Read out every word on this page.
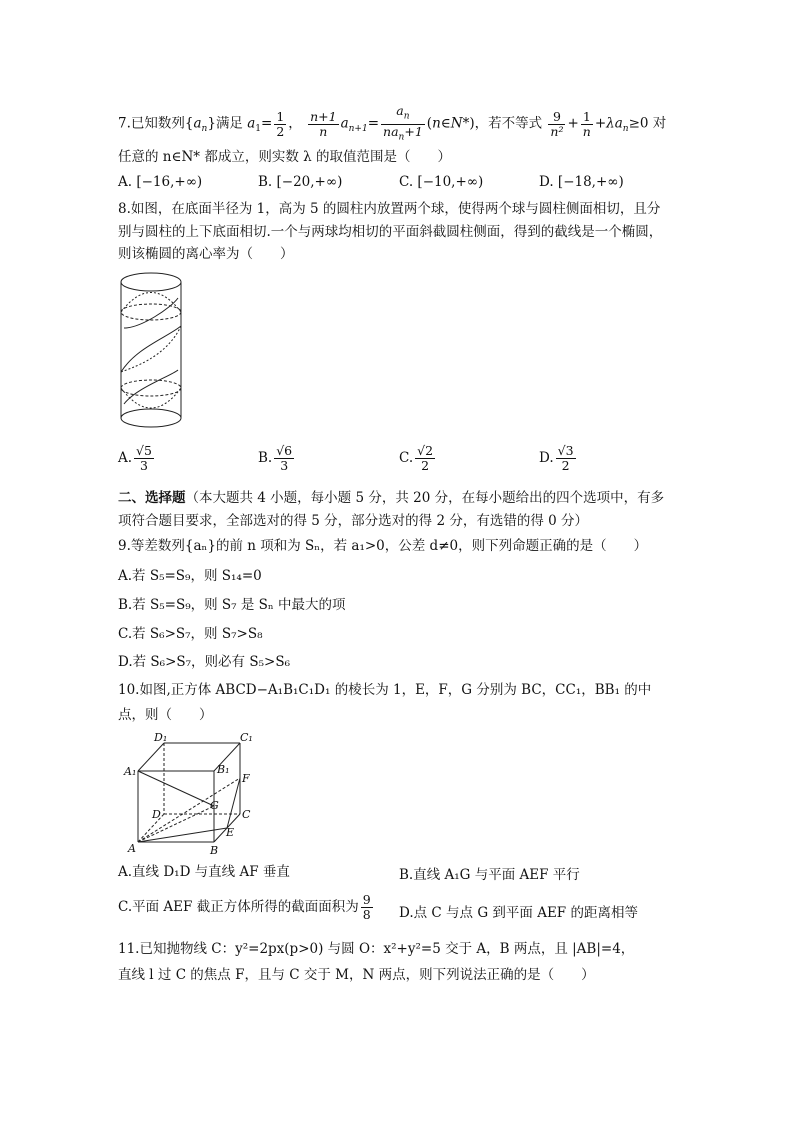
7.已知数列$\{a_n\}$满足 $a_1= \frac{1}{2}$ ， $\frac{n+1}{n} a_{n+1}= \frac{a_n}{na_n+1}$ (n∈N*)，若不等式 $\frac{9}{\text{n²}} + \frac{1}{n} +\lambda a_n\ge 0$ 对
任意的 n∈N* 都成立，则实数 λ 的取值范围是（　　）
A. [−16,+∞)	B. [−20,+∞)	C. [−10,+∞)	D. [−18,+∞)
8.如图，在底面半径为 1，高为 5 的圆柱内放置两个球，使得两个球与圆柱侧面相切，且分
别与圆柱的上下底面相切.一个与两球均相切的平面斜截圆柱侧面，得到的截线是一个椭圆，
则该椭圆的离心率为（　　）
A. $\frac{√5}{3}$	B. $\frac{√6}{3}$	C. $\frac{√2}{2}$	D. $\frac{√3}{2}$
二、选择题（本大题共 4 小题，每小题 5 分，共 20 分，在每小题给出的四个选项中，有多
项符合题目要求，全部选对的得 5 分，部分选对的得 2 分，有选错的得 0 分）
9.等差数列{aₙ}的前 n 项和为 Sₙ，若 a₁>0，公差 d≠0，则下列命题正确的是（　　）
A.若 S₅=S₉，则 S₁₄=0
B.若 S₅=S₉，则 S₇ 是 Sₙ 中最大的项
C.若 S₆>S₇，则 S₇>S₈
D.若 S₆>S₇，则必有 S₅>S₆
10.如图,正方体 ABCD−A₁B₁C₁D₁ 的棱长为 1，E，F，G 分别为 BC，CC₁，BB₁ 的中
点，则（　　）
D₁	C₁
A₁	B₁
F
G
D	C
A
E
B
A.直线 D₁D 与直线 AF 垂直	B.直线 A₁G 与平面 AEF 平行
C.平面 AEF 截正方体所得的截面面积为 $\frac{9}{8} D$.点 C 与点 G 到平面 AEF 的距离相等
11.已知抛物线 C：y²=2px(p>0) 与圆 O：x²+y²=5 交于 A，B 两点，且 |AB|=4，
直线 l 过 C 的焦点 F，且与 C 交于 M，N 两点，则下列说法正确的是（　　）
